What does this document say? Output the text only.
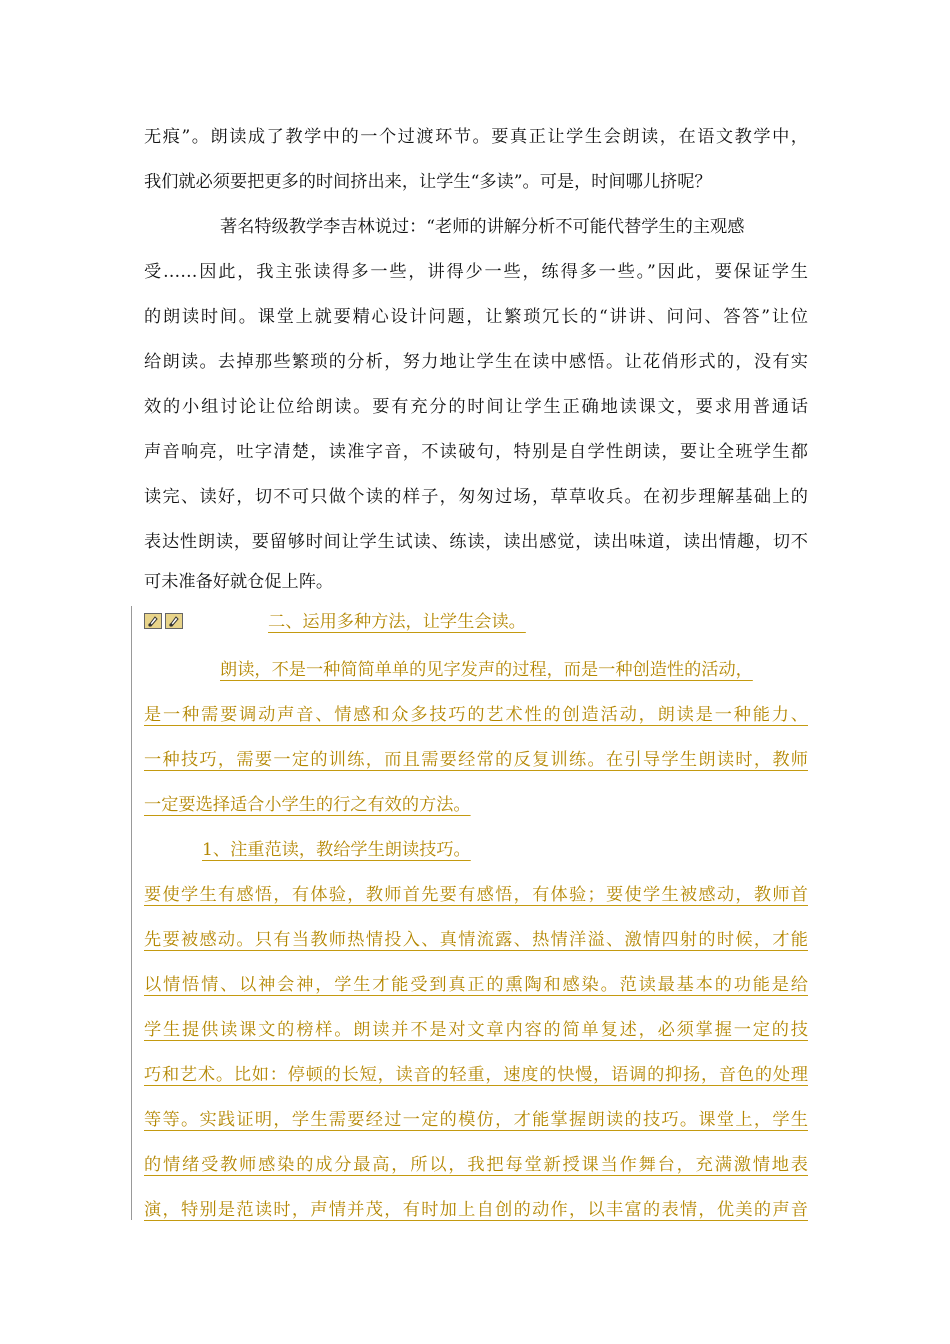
无痕”。朗读成了教学中的一个过渡环节。要真正让学生会朗读，在语文教学中，
我们就必须要把更多的时间挤出来，让学生“多读”。可是，时间哪儿挤呢？
著名特级教学李吉林说过：“老师的讲解分析不可能代替学生的主观感
受……因此，我主张读得多一些，讲得少一些，练得多一些。”因此，要保证学生
的朗读时间。课堂上就要精心设计问题，让繁琐冗长的“讲讲、问问、答答”让位
给朗读。去掉那些繁琐的分析，努力地让学生在读中感悟。让花俏形式的，没有实
效的小组讨论让位给朗读。要有充分的时间让学生正确地读课文，要求用普通话
声音响亮，吐字清楚，读准字音，不读破句，特别是自学性朗读，要让全班学生都
读完、读好，切不可只做个读的样子，匆匆过场，草草收兵。在初步理解基础上的
表达性朗读，要留够时间让学生试读、练读，读出感觉，读出味道，读出情趣，切不
可未准备好就仓促上阵。
二、运用多种方法，让学生会读。
朗读，不是一种简简单单的见字发声的过程，而是一种创造性的活动，
是一种需要调动声音、情感和众多技巧的艺术性的创造活动，朗读是一种能力、
一种技巧，需要一定的训练，而且需要经常的反复训练。在引导学生朗读时，教师
一定要选择适合小学生的行之有效的方法。
1、注重范读，教给学生朗读技巧。
要使学生有感悟，有体验，教师首先要有感悟，有体验；要使学生被感动，教师首
先要被感动。只有当教师热情投入、真情流露、热情洋溢、激情四射的时候，才能
以情悟情、以神会神，学生才能受到真正的熏陶和感染。范读最基本的功能是给
学生提供读课文的榜样。朗读并不是对文章内容的简单复述，必须掌握一定的技
巧和艺术。比如：停顿的长短，读音的轻重，速度的快慢，语调的抑扬，音色的处理
等等。实践证明，学生需要经过一定的模仿，才能掌握朗读的技巧。课堂上，学生
的情绪受教师感染的成分最高，所以，我把每堂新授课当作舞台，充满激情地表
演，特别是范读时，声情并茂，有时加上自创的动作，以丰富的表情，优美的声音
